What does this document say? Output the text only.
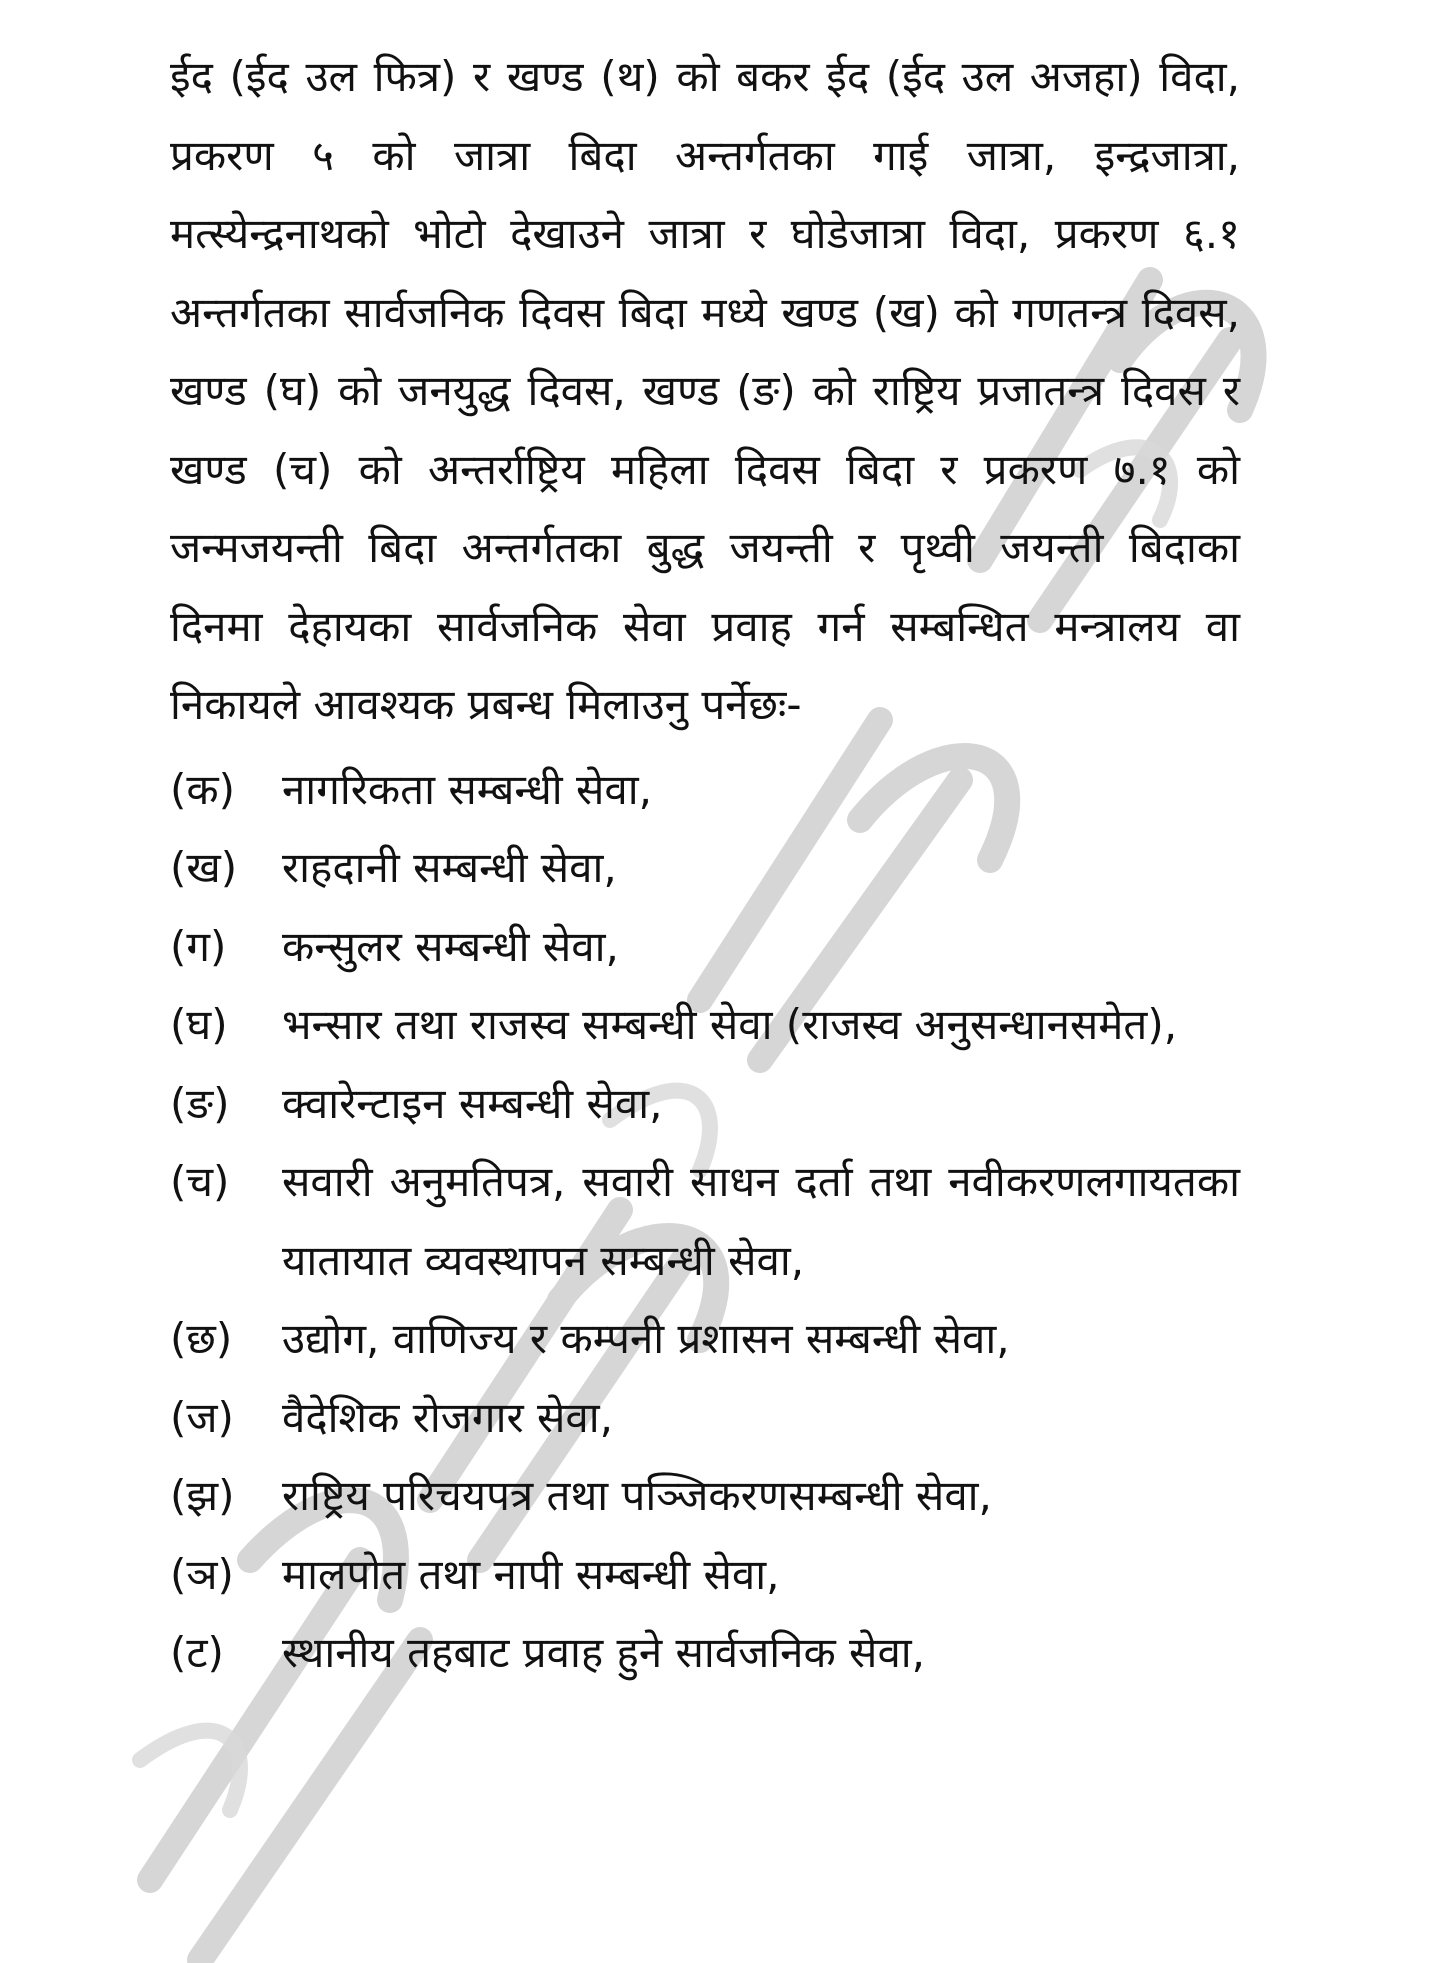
ईद (ईद उल फित्र) र खण्ड (थ) को बकर ईद (ईद उल अजहा) विदा, प्रकरण ५ को जात्रा बिदा अन्तर्गतका गाई जात्रा, इन्द्रजात्रा, मत्स्येन्द्रनाथको भोटो देखाउने जात्रा र घोडेजात्रा विदा, प्रकरण ६.१ अन्तर्गतका सार्वजनिक दिवस बिदा मध्ये खण्ड (ख) को गणतन्त्र दिवस, खण्ड (घ) को जनयुद्ध दिवस, खण्ड (ङ) को राष्ट्रिय प्रजातन्त्र दिवस र खण्ड (च) को अन्तर्राष्ट्रिय महिला दिवस बिदा र प्रकरण ७.१ को जन्मजयन्ती बिदा अन्तर्गतका बुद्ध जयन्ती र पृथ्वी जयन्ती बिदाका दिनमा देहायका सार्वजनिक सेवा प्रवाह गर्न सम्बन्धित मन्त्रालय वा निकायले आवश्यक प्रबन्ध मिलाउनु पर्नेछः-

(क)	नागरिकता सम्बन्धी सेवा,
(ख)	राहदानी सम्बन्धी सेवा,
(ग)	कन्सुलर सम्बन्धी सेवा,
(घ)	भन्सार तथा राजस्व सम्बन्धी सेवा (राजस्व अनुसन्धानसमेत),
(ङ)	क्वारेन्टाइन सम्बन्धी सेवा,
(च)	सवारी अनुमतिपत्र, सवारी साधन दर्ता तथा नवीकरणलगायतका यातायात व्यवस्थापन सम्बन्धी सेवा,
(छ)	उद्योग, वाणिज्य र कम्पनी प्रशासन सम्बन्धी सेवा,
(ज)	वैदेशिक रोजगार सेवा,
(झ)	राष्ट्रिय परिचयपत्र तथा पञ्जिकरणसम्बन्धी सेवा,
(ञ)	मालपोत तथा नापी सम्बन्धी सेवा,
(ट)	स्थानीय तहबाट प्रवाह हुने सार्वजनिक सेवा,
